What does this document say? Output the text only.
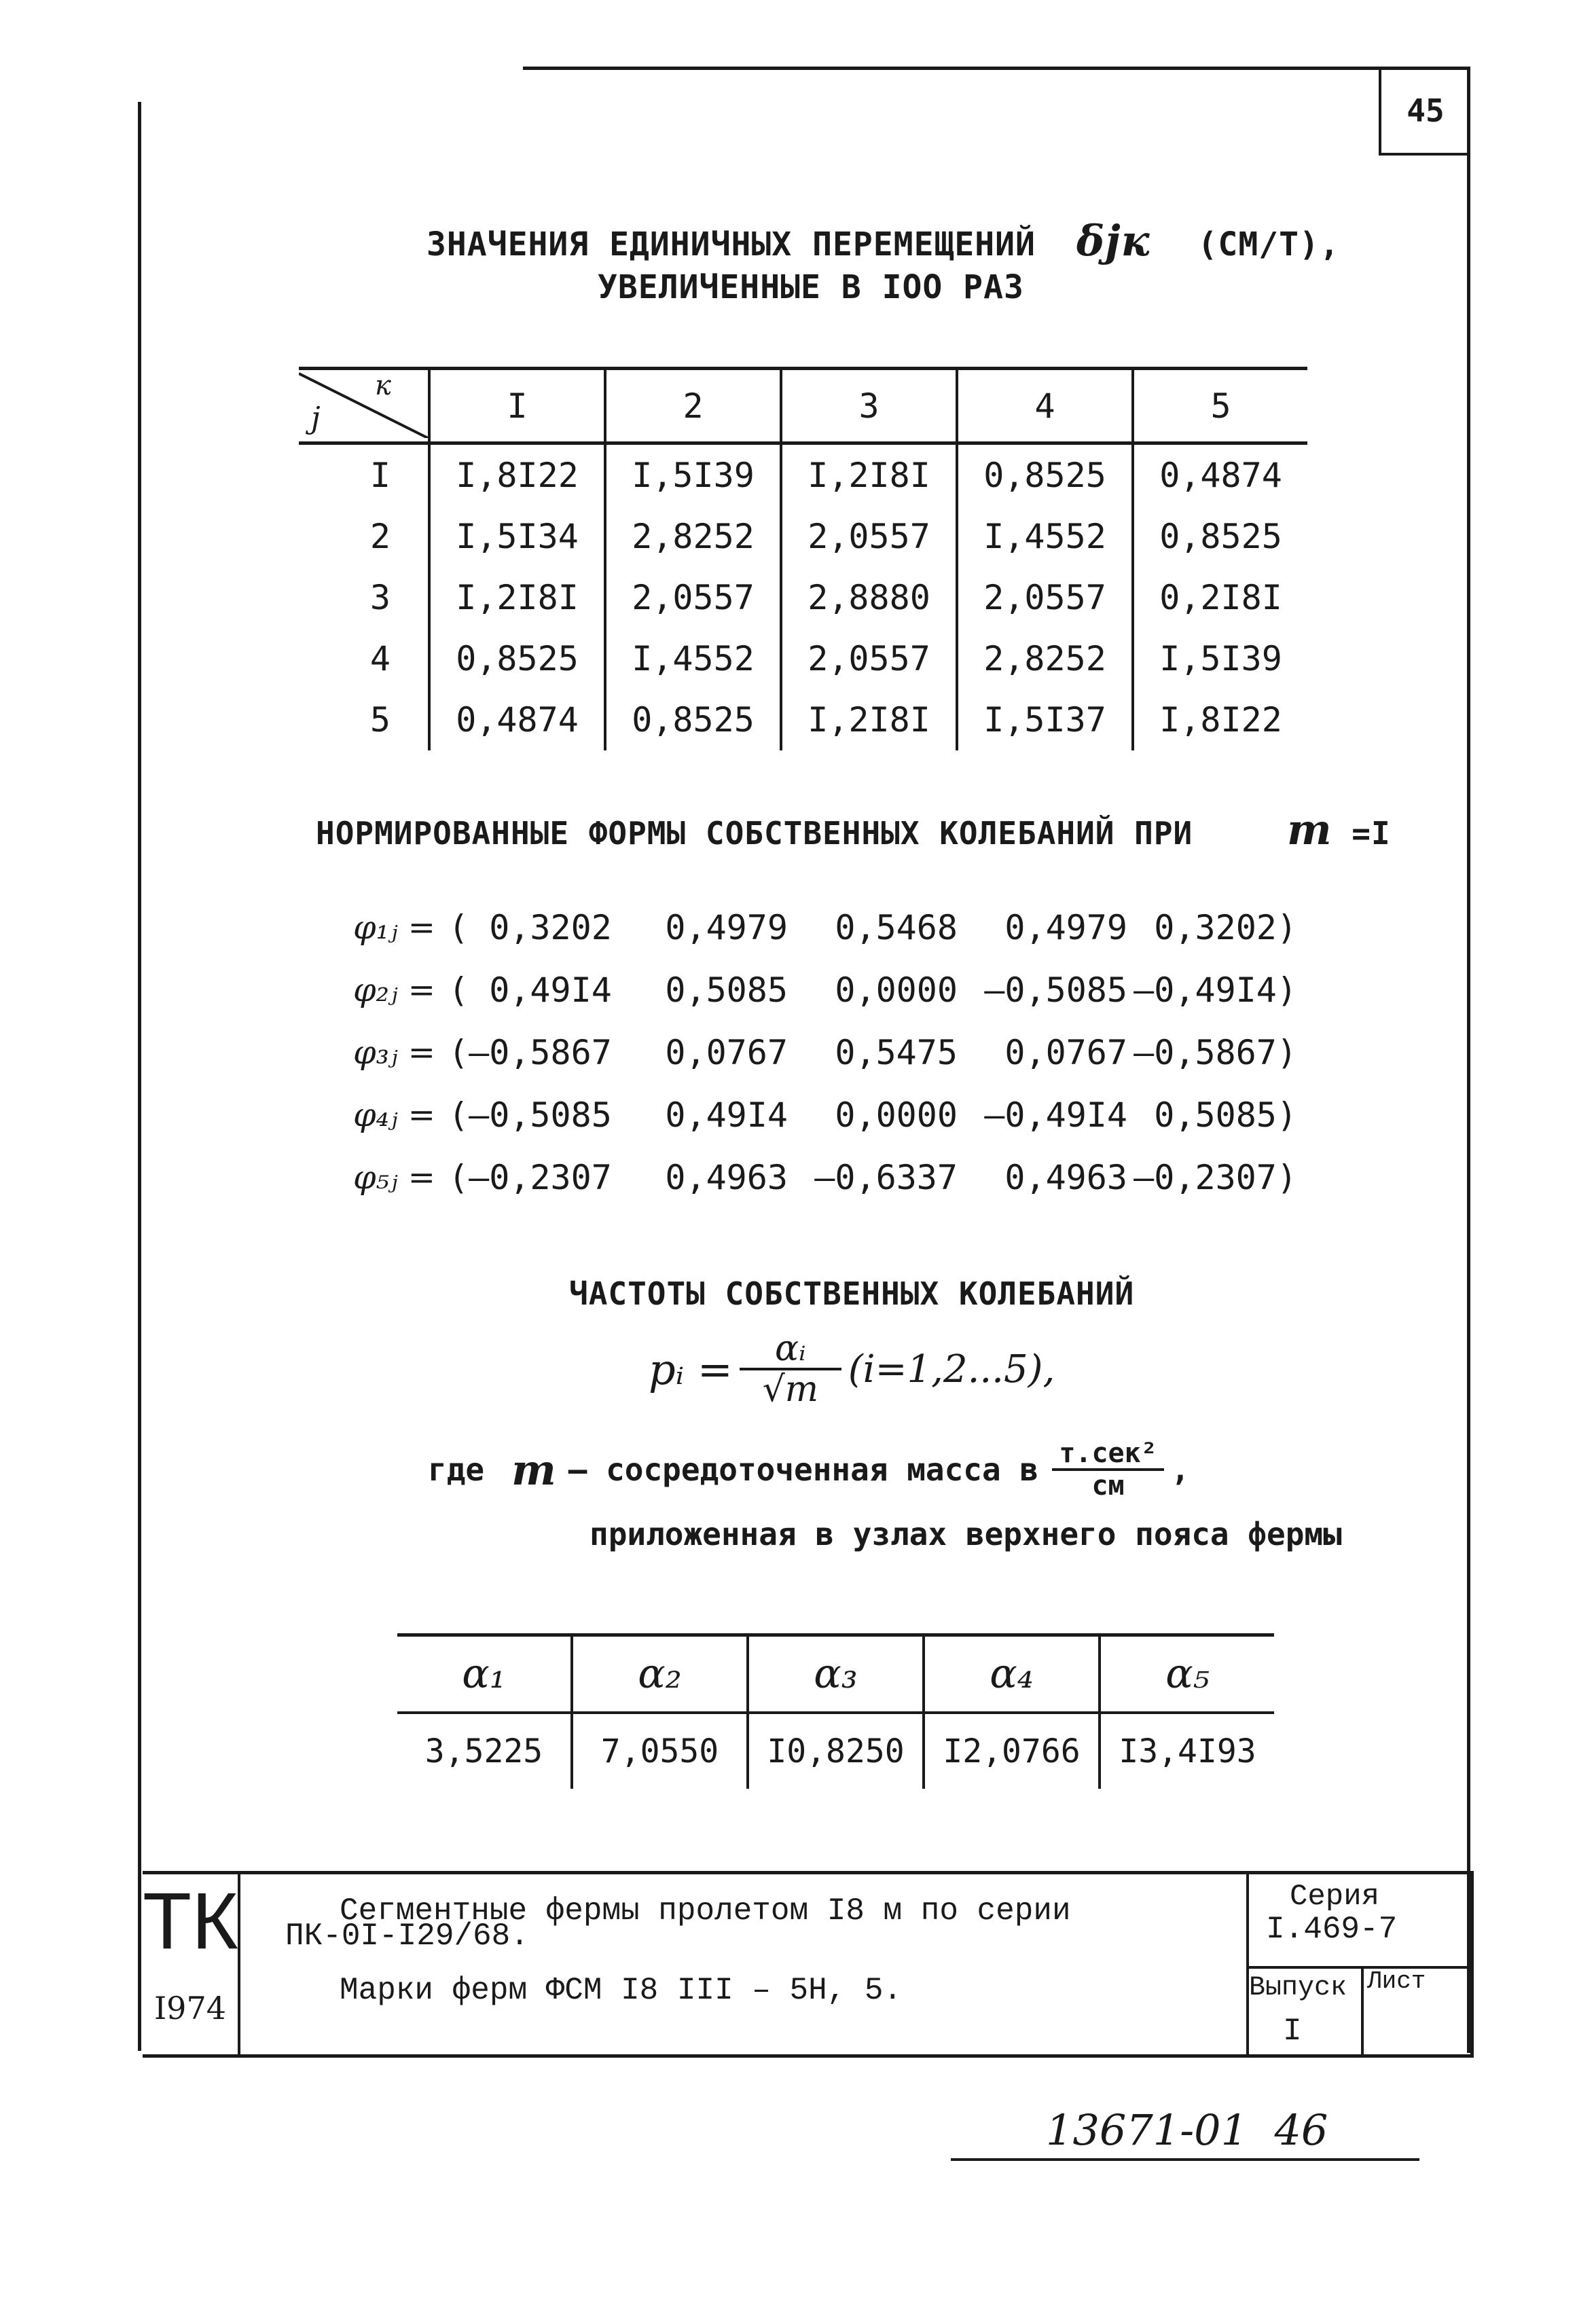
45
ЗНАЧЕНИЯ ЕДИНИЧНЫХ ПЕРЕМЕЩЕНИЙ δjк (СМ/Т),
УВЕЛИЧЕННЫЕ В IOO РАЗ
к
j	I	2	3	4	5
I	I,8I22	I,5I39	I,2I8I	0,8525	0,4874
2	I,5I34	2,8252	2,0557	I,4552	0,8525
3	I,2I8I	2,0557	2,8880	2,0557	0,2I8I
4	0,8525	I,4552	2,0557	2,8252	I,5I39
5	0,4874	0,8525	I,2I8I	I,5I37	I,8I22
НОРМИРОВАННЫЕ ФОРМЫ СОБСТВЕННЫХ КОЛЕБАНИЙ ПРИ m =I
φ₁ⱼ =	( 0,3202	0,4979	0,5468	0,4979	0,3202)
φ₂ⱼ =	( 0,49I4	0,5085	0,0000	–0,5085	–0,49I4)
φ₃ⱼ =	(–0,5867	0,0767	0,5475	0,0767	–0,5867)
φ₄ⱼ =	(–0,5085	0,49I4	0,0000	–0,49I4	0,5085)
φ₅ⱼ =	(–0,2307	0,4963	–0,6337	0,4963	–0,2307)
ЧАСТОТЫ СОБСТВЕННЫХ КОЛЕБАНИЙ
pᵢ = αᵢ
√m (i=1,2...5),
где m – сосредоточенная масса в т.сек²
см ,
приложенная в узлах верхнего пояса фермы
α₁	α₂	α₃	α₄	α₅
3,5225	7,0550	I0,8250	I2,0766	I3,4I93
ТК
I974
Сегментные фермы пролетом I8 м по серии
ПК-0I-I29/68.
Марки ферм ФСМ I8 III – 5Н, 5.
Серия
I.469-7
Выпуск
I
Лист
13671-01  46
